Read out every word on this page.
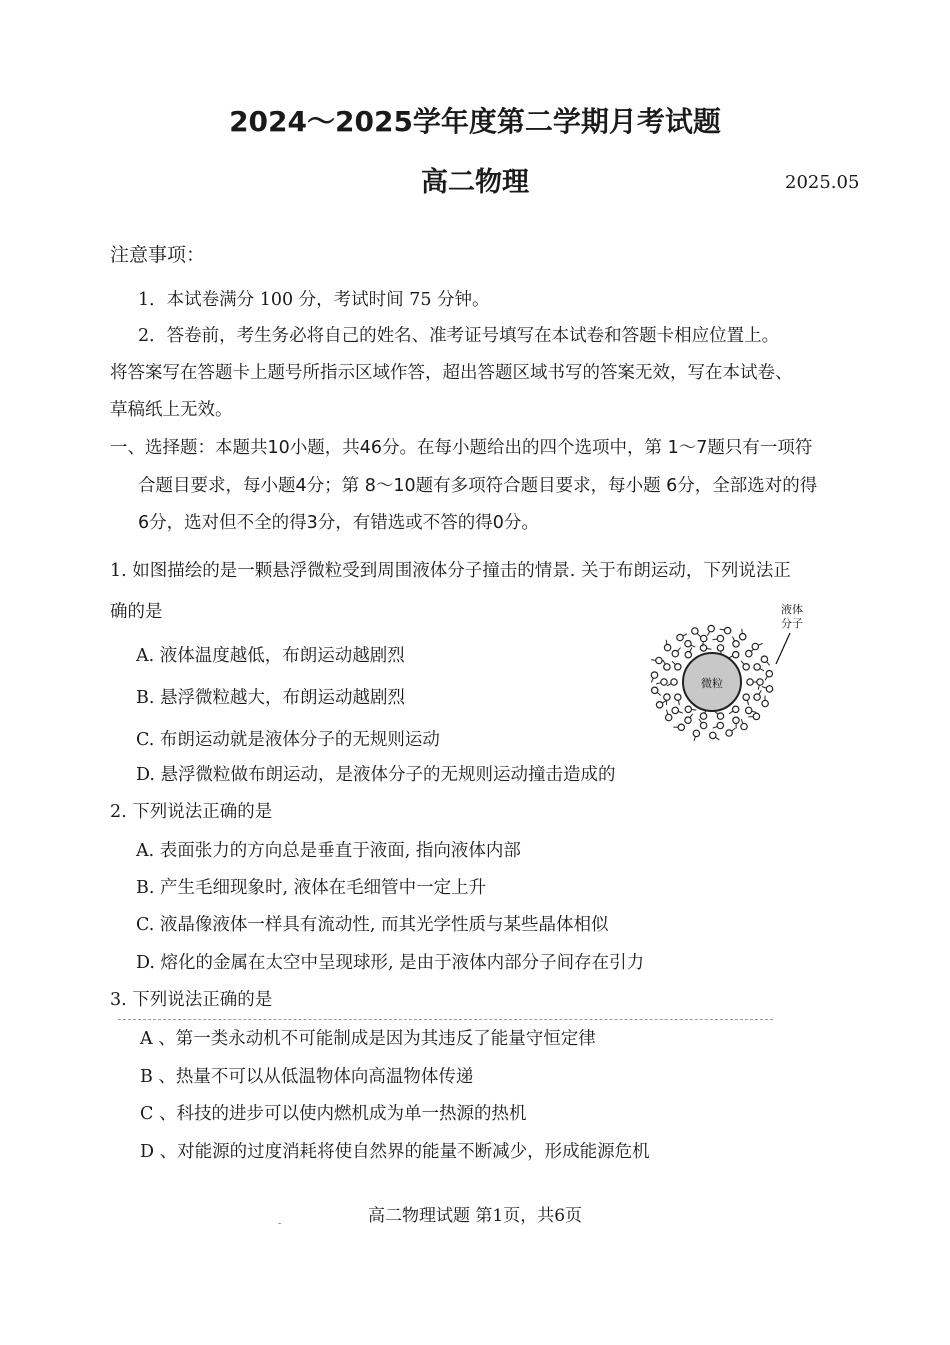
2024～2025学年度第二学期月考试题
高二物理	2025.05
注意事项：
1．本试卷满分 100 分，考试时间 75 分钟。
2．答卷前，考生务必将自己的姓名、准考证号填写在本试卷和答题卡相应位置上。
将答案写在答题卡上题号所指示区域作答，超出答题区域书写的答案无效，写在本试卷、
草稿纸上无效。
一、选择题：本题共10小题，共46分。在每小题给出的四个选项中，第 1～7题只有一项符
合题目要求，每小题4分；第 8～10题有多项符合题目要求，每小题 6分，全部选对的得
6分，选对但不全的得3分，有错选或不答的得0分。
1. 如图描绘的是一颗悬浮微粒受到周围液体分子撞击的情景. 关于布朗运动，下列说法正
确的是
A. 液体温度越低，布朗运动越剧烈
B. 悬浮微粒越大，布朗运动越剧烈
C. 布朗运动就是液体分子的无规则运动
D. 悬浮微粒做布朗运动，是液体分子的无规则运动撞击造成的
微粒
液体
分子
2. 下列说法正确的是
A. 表面张力的方向总是垂直于液面, 指向液体内部
B. 产生毛细现象时, 液体在毛细管中一定上升
C. 液晶像液体一样具有流动性, 而其光学性质与某些晶体相似
D. 熔化的金属在太空中呈现球形, 是由于液体内部分子间存在引力
3. 下列说法正确的是
A 、第一类永动机不可能制成是因为其违反了能量守恒定律
B 、热量不可以从低温物体向高温物体传递
C 、科技的进步可以使内燃机成为单一热源的热机
D 、对能源的过度消耗将使自然界的能量不断减少，形成能源危机
高二物理试题 第1页，共6页
˗
